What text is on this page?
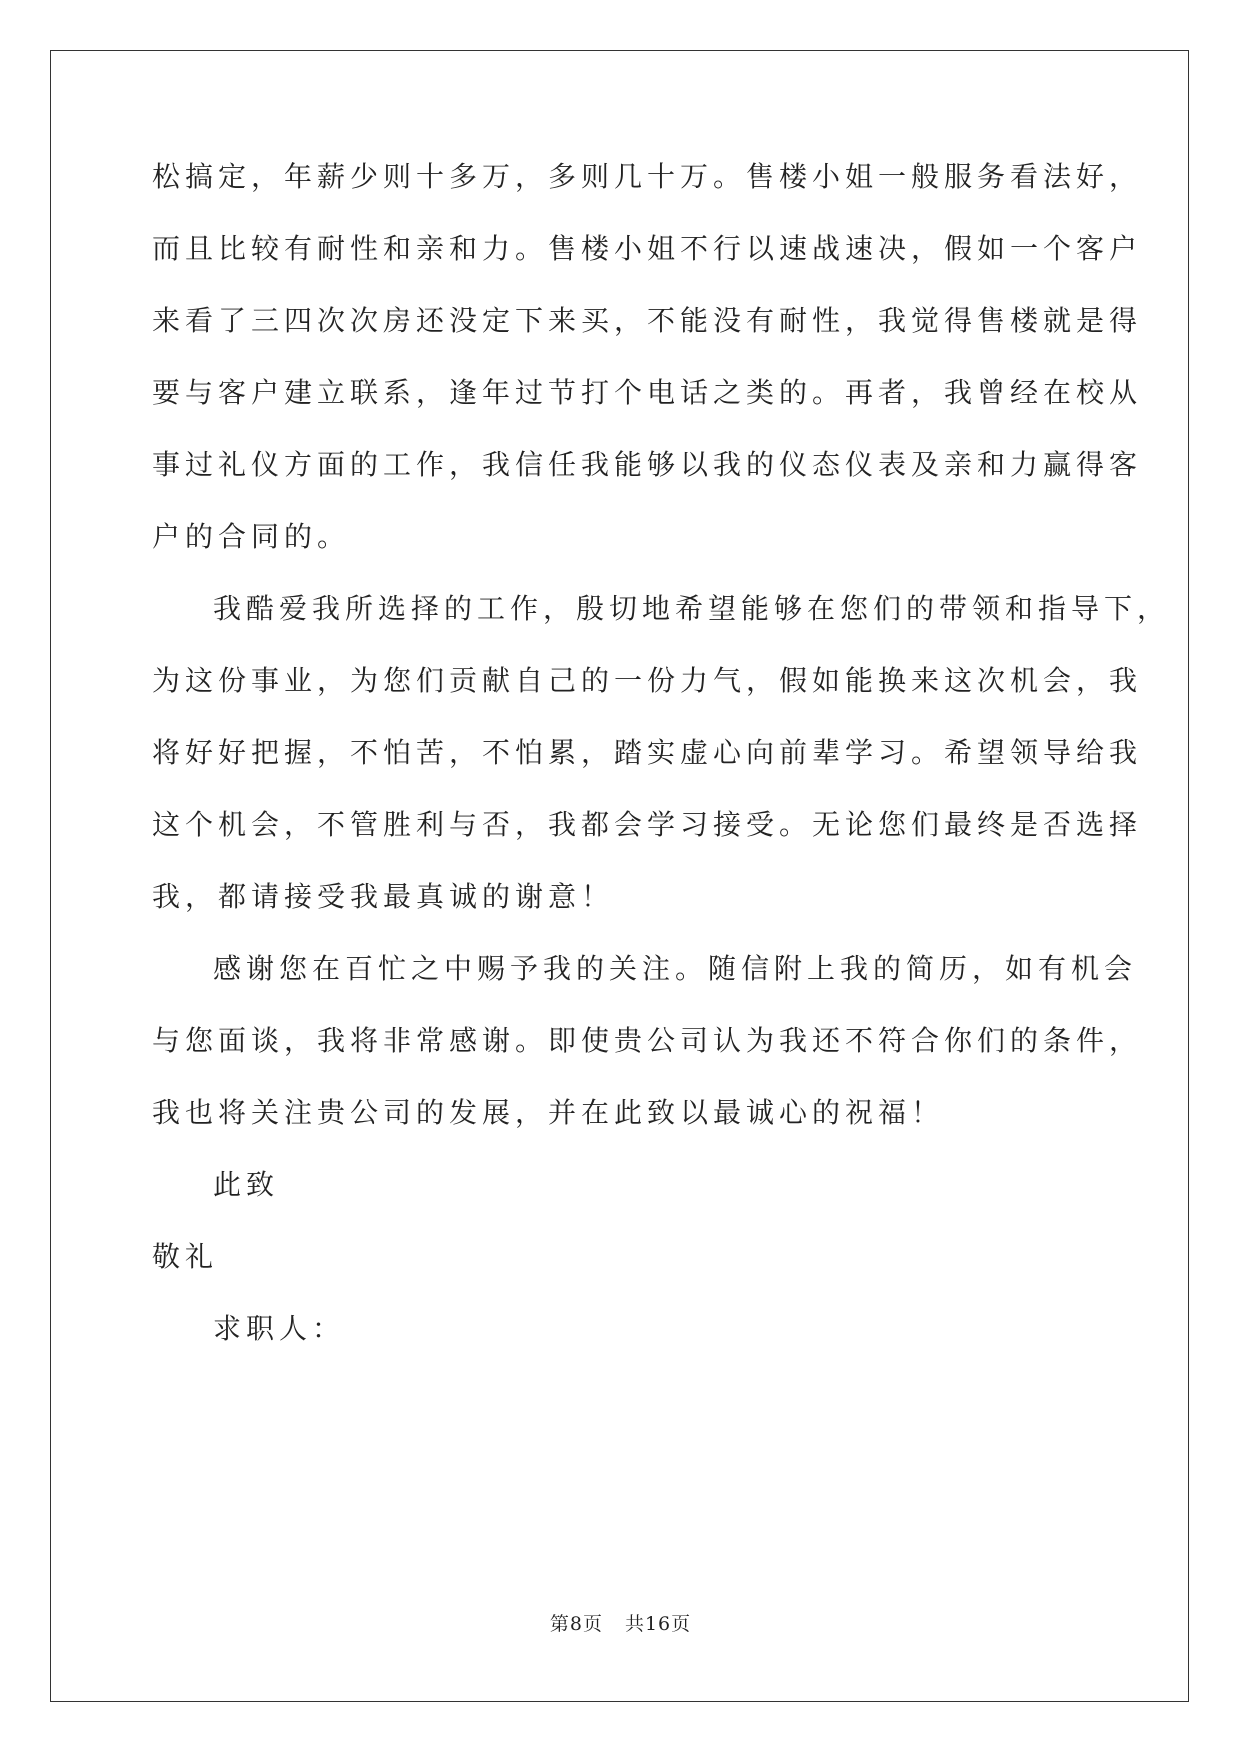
松搞定，年薪少则十多万，多则几十万。售楼小姐一般服务看法好，
而且比较有耐性和亲和力。售楼小姐不行以速战速决，假如一个客户
来看了三四次次房还没定下来买，不能没有耐性，我觉得售楼就是得
要与客户建立联系，逢年过节打个电话之类的。再者，我曾经在校从
事过礼仪方面的工作，我信任我能够以我的仪态仪表及亲和力赢得客
户的合同的。
我酷爱我所选择的工作，殷切地希望能够在您们的带领和指导下，
为这份事业，为您们贡献自己的一份力气，假如能换来这次机会，我
将好好把握，不怕苦，不怕累，踏实虚心向前辈学习。希望领导给我
这个机会，不管胜利与否，我都会学习接受。无论您们最终是否选择
我，都请接受我最真诚的谢意！
感谢您在百忙之中赐予我的关注。随信附上我的简历，如有机会
与您面谈，我将非常感谢。即使贵公司认为我还不符合你们的条件，
我也将关注贵公司的发展，并在此致以最诚心的祝福！
此致
敬礼
求职人：
第8页 共16页
